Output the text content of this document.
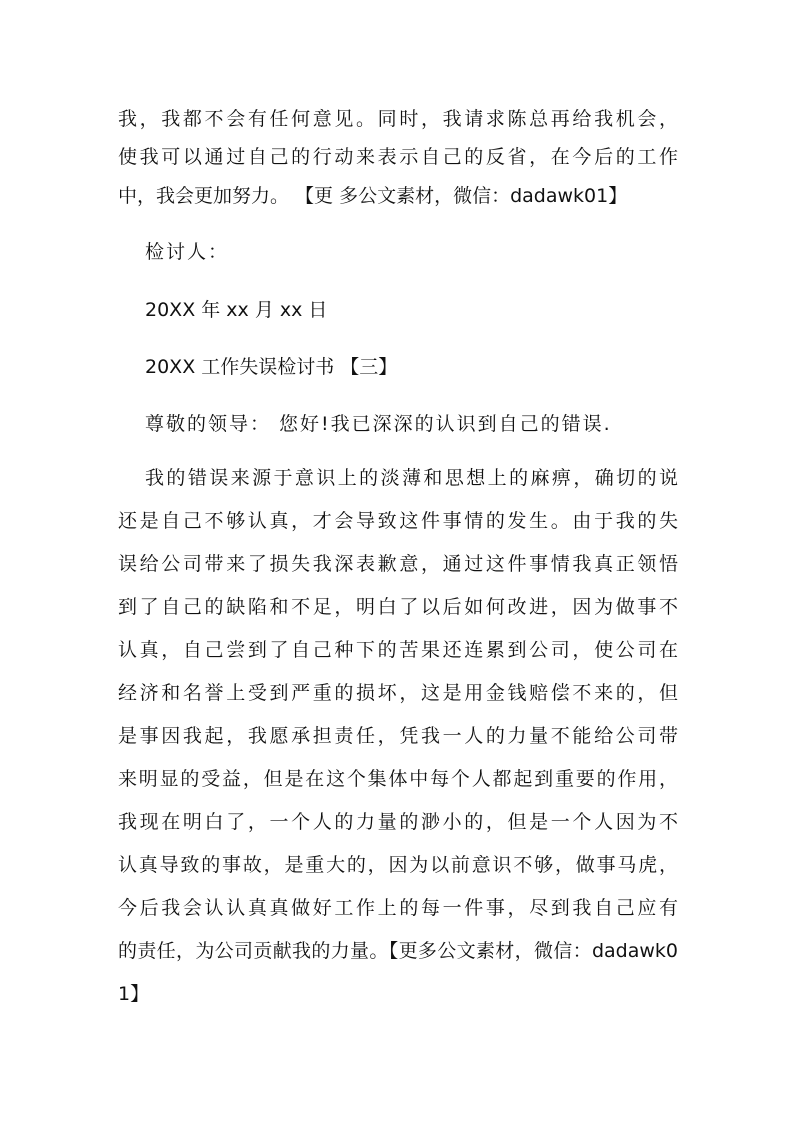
我，我都不会有任何意见。同时，我请求陈总再给我机会，
使我可以通过自己的行动来表示自己的反省，在今后的工作
中，我会更加努力。 【更 多公文素材，微信：dadawk01】
检讨人：
20XX 年 xx 月 xx 日
20XX 工作失误检讨书 【三】
尊敬的领导： 您好!我已深深的认识到自己的错误.
我的错误来源于意识上的淡薄和思想上的麻痹，确切的说
还是自己不够认真，才会导致这件事情的发生。由于我的失
误给公司带来了损失我深表歉意，通过这件事情我真正领悟
到了自己的缺陷和不足，明白了以后如何改进，因为做事不
认真，自己尝到了自己种下的苦果还连累到公司，使公司在
经济和名誉上受到严重的损坏，这是用金钱赔偿不来的，但
是事因我起，我愿承担责任，凭我一人的力量不能给公司带
来明显的受益，但是在这个集体中每个人都起到重要的作用，
我现在明白了，一个人的力量的渺小的，但是一个人因为不
认真导致的事故，是重大的，因为以前意识不够，做事马虎，
今后我会认认真真做好工作上的每一件事，尽到我自己应有
的责任，为公司贡献我的力量。【更多公文素材，微信：dadawk0
1】
